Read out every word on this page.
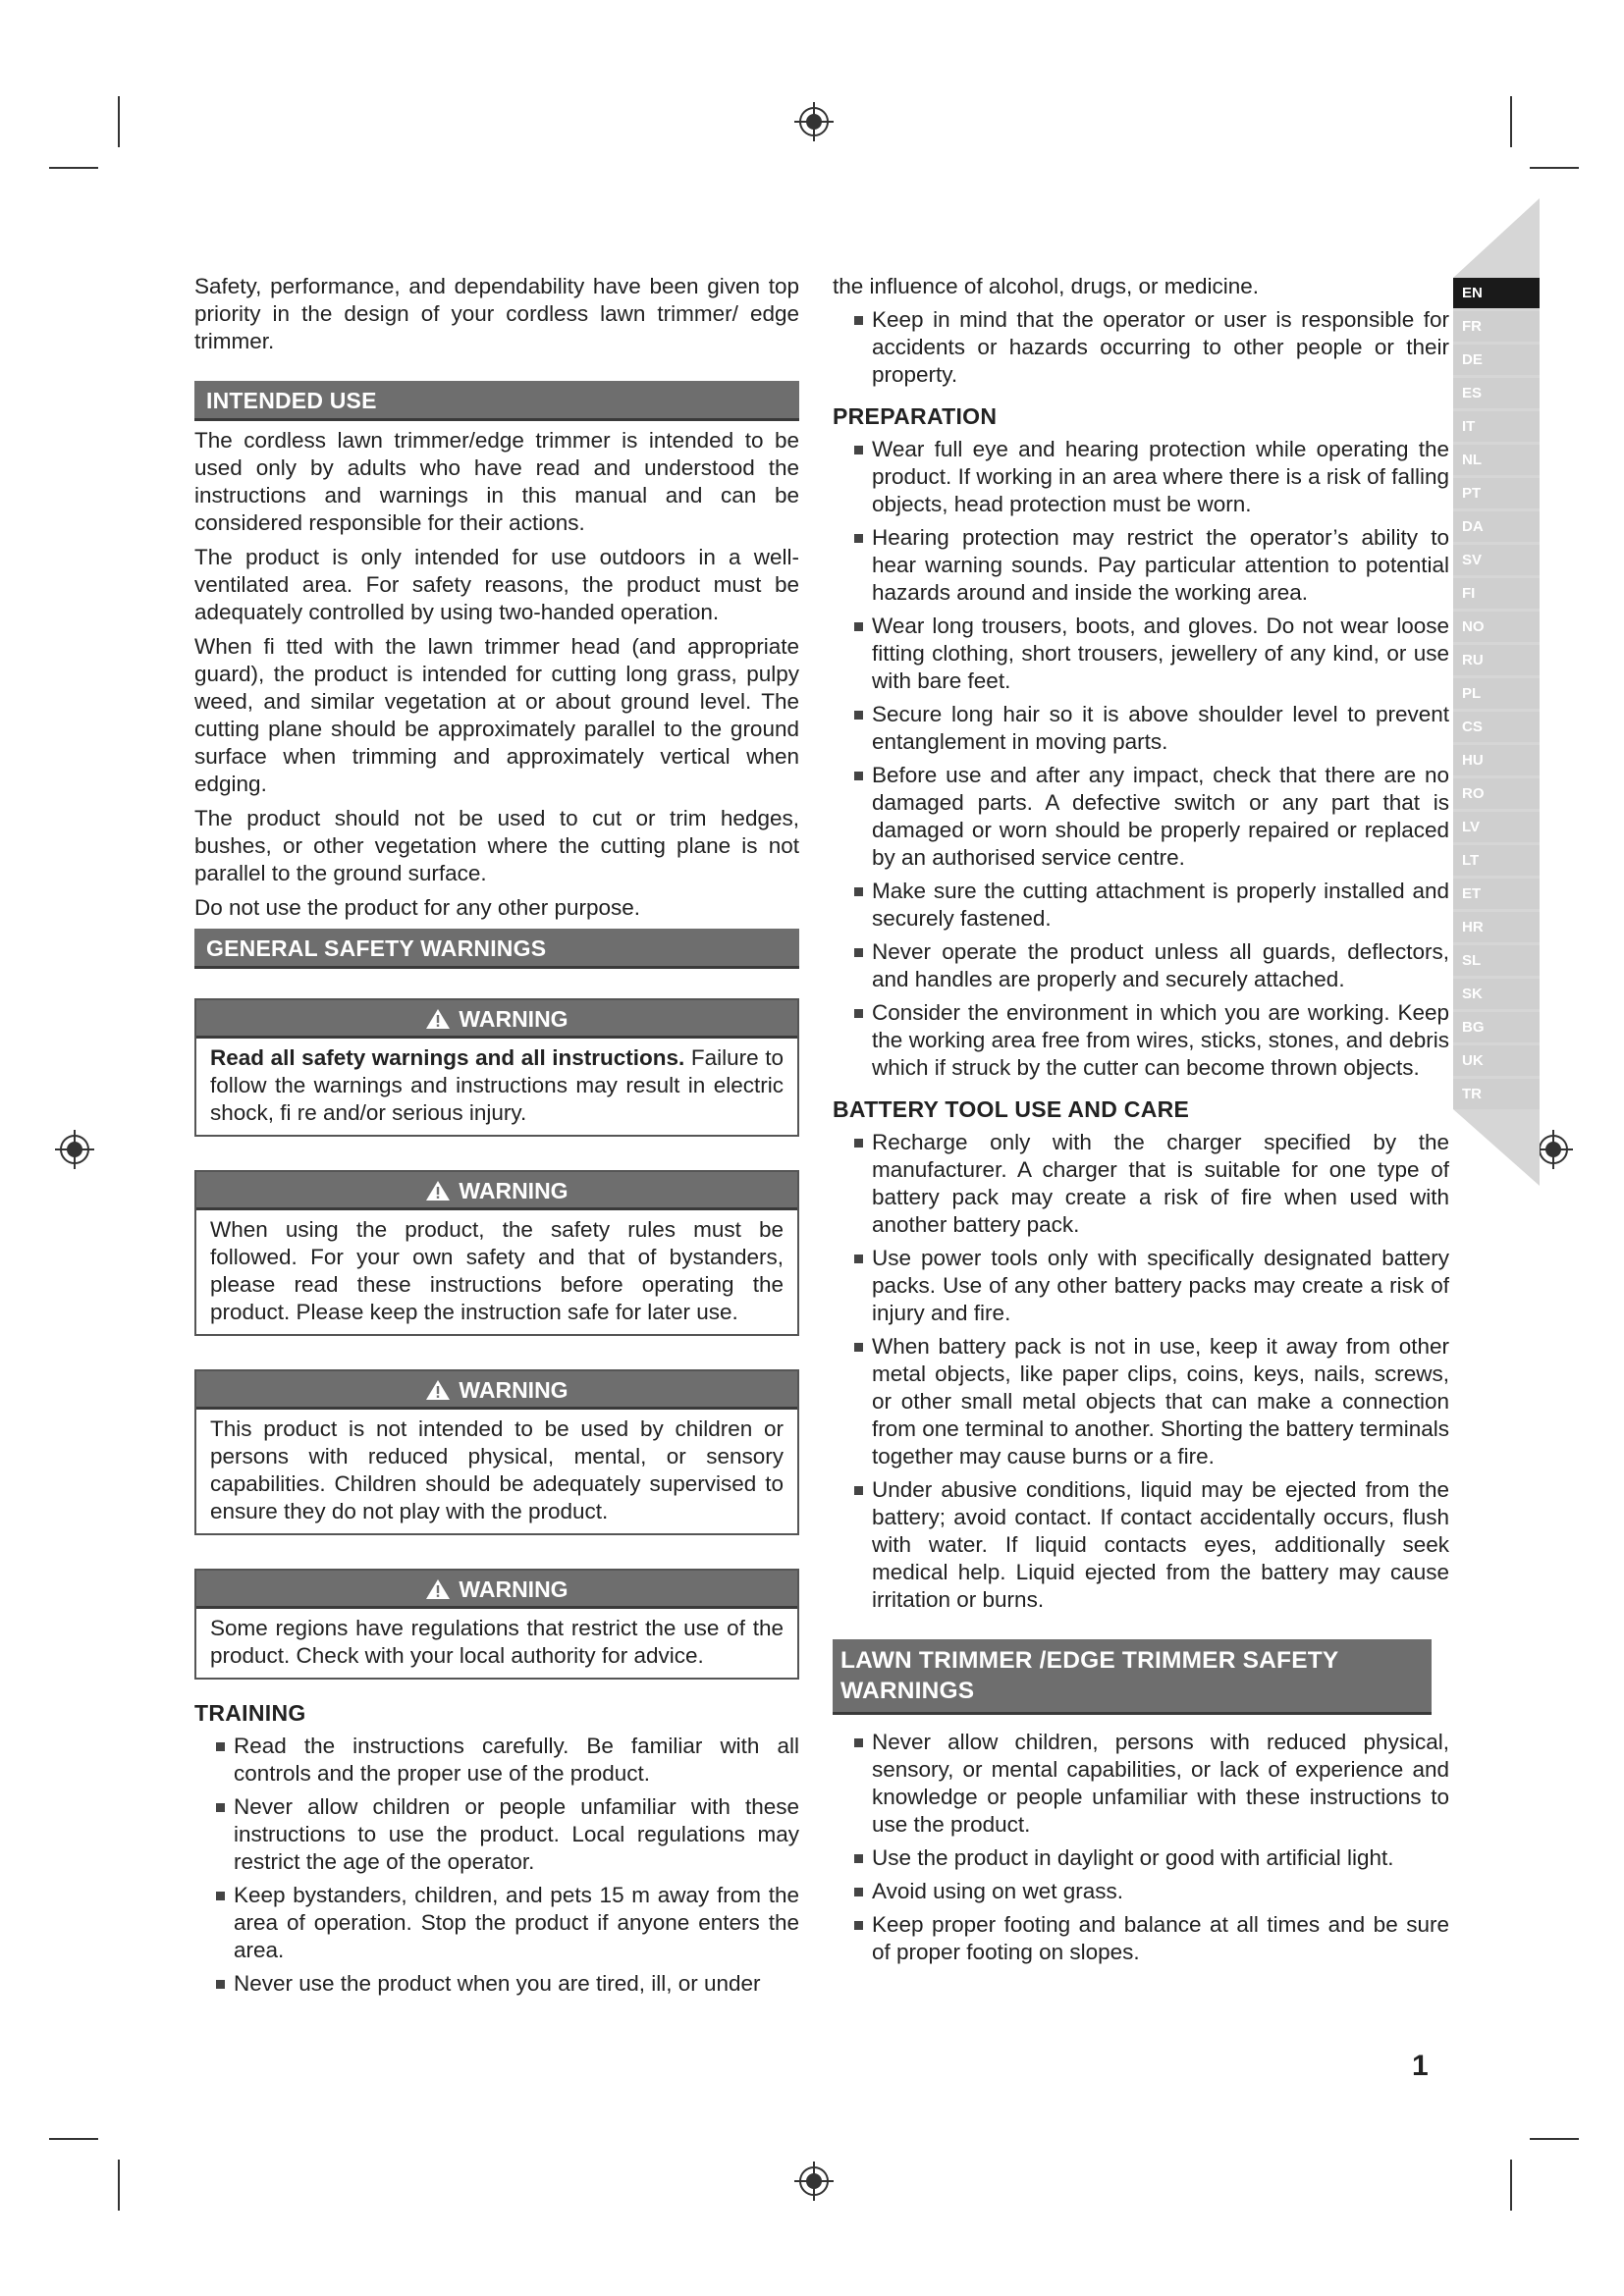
EN
FR
DE
ES
IT
NL
PT
DA
SV
FI
NO
RU
PL
CS
HU
RO
LV
LT
ET
HR
SL
SK
BG
UK
TR

Safety, performance, and dependability have been given top priority in the design of your cordless lawn trimmer/ edge trimmer.

INTENDED USE

The cordless lawn trimmer/edge trimmer is intended to be used only by adults who have read and understood the instructions and warnings in this manual and can be considered responsible for their actions.

The product is only intended for use outdoors in a well-ventilated area. For safety reasons, the product must be adequately controlled by using two-handed operation.

When fi tted with the lawn trimmer head (and appropriate guard), the product is intended for cutting long grass, pulpy weed, and similar vegetation at or about ground level. The cutting plane should be approximately parallel to the ground surface when trimming and approximately vertical when edging.

The product should not be used to cut or trim hedges, bushes, or other vegetation where the cutting plane is not parallel to the ground surface.

Do not use the product for any other purpose.

GENERAL SAFETY WARNINGS
WARNING
Read all safety warnings and all instructions. Failure to follow the warnings and instructions may result in electric shock, fi re and/or serious injury.
WARNING
When using the product, the safety rules must be followed. For your own safety and that of bystanders, please read these instructions before operating the product. Please keep the instruction safe for later use.
WARNING
This product is not intended to be used by children or persons with reduced physical, mental, or sensory capabilities. Children should be adequately supervised to ensure they do not play with the product.
WARNING
Some regions have regulations that restrict the use of the product. Check with your local authority for advice.
TRAINING
Read the instructions carefully. Be familiar with all controls and the proper use of the product.
Never allow children or people unfamiliar with these instructions to use the product. Local regulations may restrict the age of the operator.
Keep bystanders, children, and pets 15 m away from the area of operation. Stop the product if anyone enters the area.
Never use the product when you are tired, ill, or under

the influence of alcohol, drugs, or medicine.

Keep in mind that the operator or user is responsible for accidents or hazards occurring to other people or their property.
PREPARATION
Wear full eye and hearing protection while operating the product. If working in an area where there is a risk of falling objects, head protection must be worn.
Hearing protection may restrict the operator’s ability to hear warning sounds. Pay particular attention to potential hazards around and inside the working area.
Wear long trousers, boots, and gloves. Do not wear loose fitting clothing, short trousers, jewellery of any kind, or use with bare feet.
Secure long hair so it is above shoulder level to prevent entanglement in moving parts.
Before use and after any impact, check that there are no damaged parts. A defective switch or any part that is damaged or worn should be properly repaired or replaced by an authorised service centre.
Make sure the cutting attachment is properly installed and securely fastened.
Never operate the product unless all guards, deflectors, and handles are properly and securely attached.
Consider the environment in which you are working. Keep the working area free from wires, sticks, stones, and debris which if struck by the cutter can become thrown objects.
BATTERY TOOL USE AND CARE
Recharge only with the charger specified by the manufacturer. A charger that is suitable for one type of battery pack may create a risk of fire when used with another battery pack.
Use power tools only with specifically designated battery packs. Use of any other battery packs may create a risk of injury and fire.
When battery pack is not in use, keep it away from other metal objects, like paper clips, coins, keys, nails, screws, or other small metal objects that can make a connection from one terminal to another. Shorting the battery terminals together may cause burns or a fire.
Under abusive conditions, liquid may be ejected from the battery; avoid contact. If contact accidentally occurs, flush with water. If liquid contacts eyes, additionally seek medical help. Liquid ejected from the battery may cause irritation or burns.
LAWN TRIMMER /EDGE TRIMMER SAFETY WARNINGS
Never allow children, persons with reduced physical, sensory, or mental capabilities, or lack of experience and knowledge or people unfamiliar with these instructions to use the product.
Use the product in daylight or good with artificial light.
Avoid using on wet grass.
Keep proper footing and balance at all times and be sure of proper footing on slopes.
1
